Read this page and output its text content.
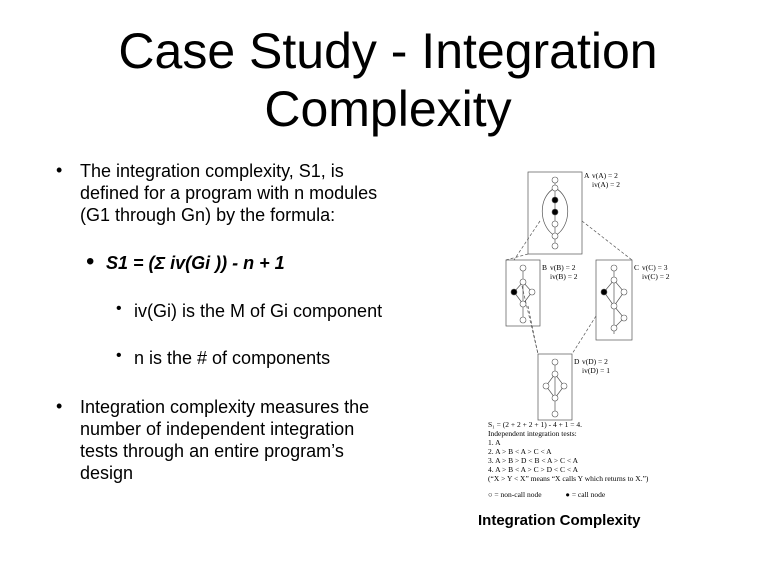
Case Study - Integration
Complexity
• The integration complexity, S1, is
defined for a program with n modules
(G1 through Gn) by the formula:
• S1 = (Σ iv(Gi )) - n + 1
• iv(Gi) is the M of Gi component
• n is the # of components
• Integration complexity measures the
number of independent integration
tests through an entire program’s
design
A v(A) = 2
iv(A) = 2
B v(B) = 2
iv(B) = 2
C v(C) = 3
iv(C) = 2
D v(D) = 2
iv(D) = 1
S₁ = (2 + 2 + 2 + 1) - 4 + 1 = 4.
Independent integration tests:
1. A
2. A > B < A > C < A
3. A > B > D < B < A > C < A
4. A > B < A > C > D < C < A
(“X > Y < X” means “X calls Y which returns to X.”)
○ = non-call node	● = call node
Integration Complexity
